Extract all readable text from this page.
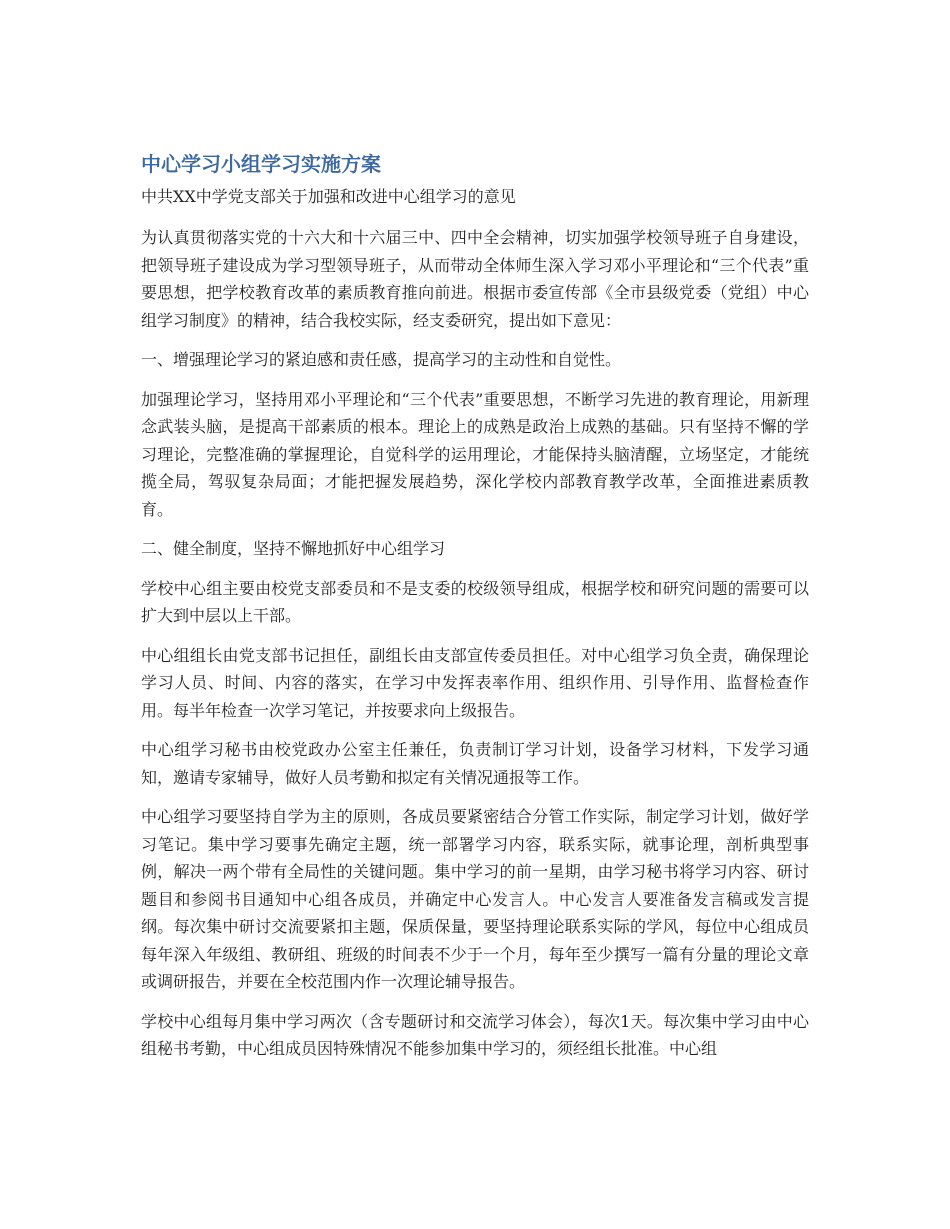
中心学习小组学习实施方案

中共XX中学党支部关于加强和改进中心组学习的意见

为认真贯彻落实党的十六大和十六届三中、四中全会精神，切实加强学校领导班子自身建设，把领导班子建设成为学习型领导班子，从而带动全体师生深入学习邓小平理论和“三个代表”重要思想，把学校教育改革的素质教育推向前进。根据市委宣传部《全市县级党委（党组）中心组学习制度》的精神，结合我校实际，经支委研究，提出如下意见：

一、增强理论学习的紧迫感和责任感，提高学习的主动性和自觉性。

加强理论学习，坚持用邓小平理论和“三个代表”重要思想，不断学习先进的教育理论，用新理念武装头脑，是提高干部素质的根本。理论上的成熟是政治上成熟的基础。只有坚持不懈的学习理论，完整准确的掌握理论，自觉科学的运用理论，才能保持头脑清醒，立场坚定，才能统揽全局，驾驭复杂局面；才能把握发展趋势，深化学校内部教育教学改革，全面推进素质教育。

二、健全制度，坚持不懈地抓好中心组学习

学校中心组主要由校党支部委员和不是支委的校级领导组成，根据学校和研究问题的需要可以扩大到中层以上干部。

中心组组长由党支部书记担任，副组长由支部宣传委员担任。对中心组学习负全责，确保理论学习人员、时间、内容的落实，在学习中发挥表率作用、组织作用、引导作用、监督检查作用。每半年检查一次学习笔记，并按要求向上级报告。

中心组学习秘书由校党政办公室主任兼任，负责制订学习计划，设备学习材料，下发学习通知，邀请专家辅导，做好人员考勤和拟定有关情况通报等工作。

中心组学习要坚持自学为主的原则，各成员要紧密结合分管工作实际，制定学习计划，做好学习笔记。集中学习要事先确定主题，统一部署学习内容，联系实际，就事论理，剖析典型事例，解决一两个带有全局性的关键问题。集中学习的前一星期，由学习秘书将学习内容、研讨题目和参阅书目通知中心组各成员，并确定中心发言人。中心发言人要准备发言稿或发言提纲。每次集中研讨交流要紧扣主题，保质保量，要坚持理论联系实际的学风，每位中心组成员每年深入年级组、教研组、班级的时间表不少于一个月，每年至少撰写一篇有分量的理论文章或调研报告，并要在全校范围内作一次理论辅导报告。

学校中心组每月集中学习两次（含专题研讨和交流学习体会），每次1天。每次集中学习由中心组秘书考勤，中心组成员因特殊情况不能参加集中学习的，须经组长批准。中心组
